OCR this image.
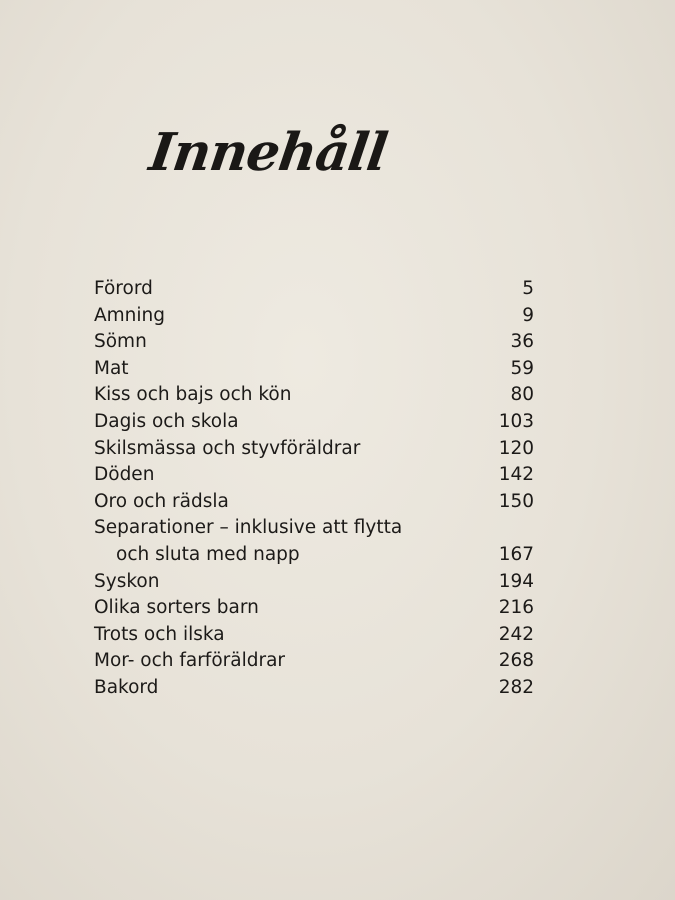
Innehåll
Förord	5
Amning	9
Sömn	36
Mat	59
Kiss och bajs och kön	80
Dagis och skola	103
Skilsmässa och styvföräldrar	120
Döden	142
Oro och rädsla	150
Separationer – inklusive att flytta
och sluta med napp	167
Syskon	194
Olika sorters barn	216
Trots och ilska	242
Mor- och farföräldrar	268
Bakord	282
